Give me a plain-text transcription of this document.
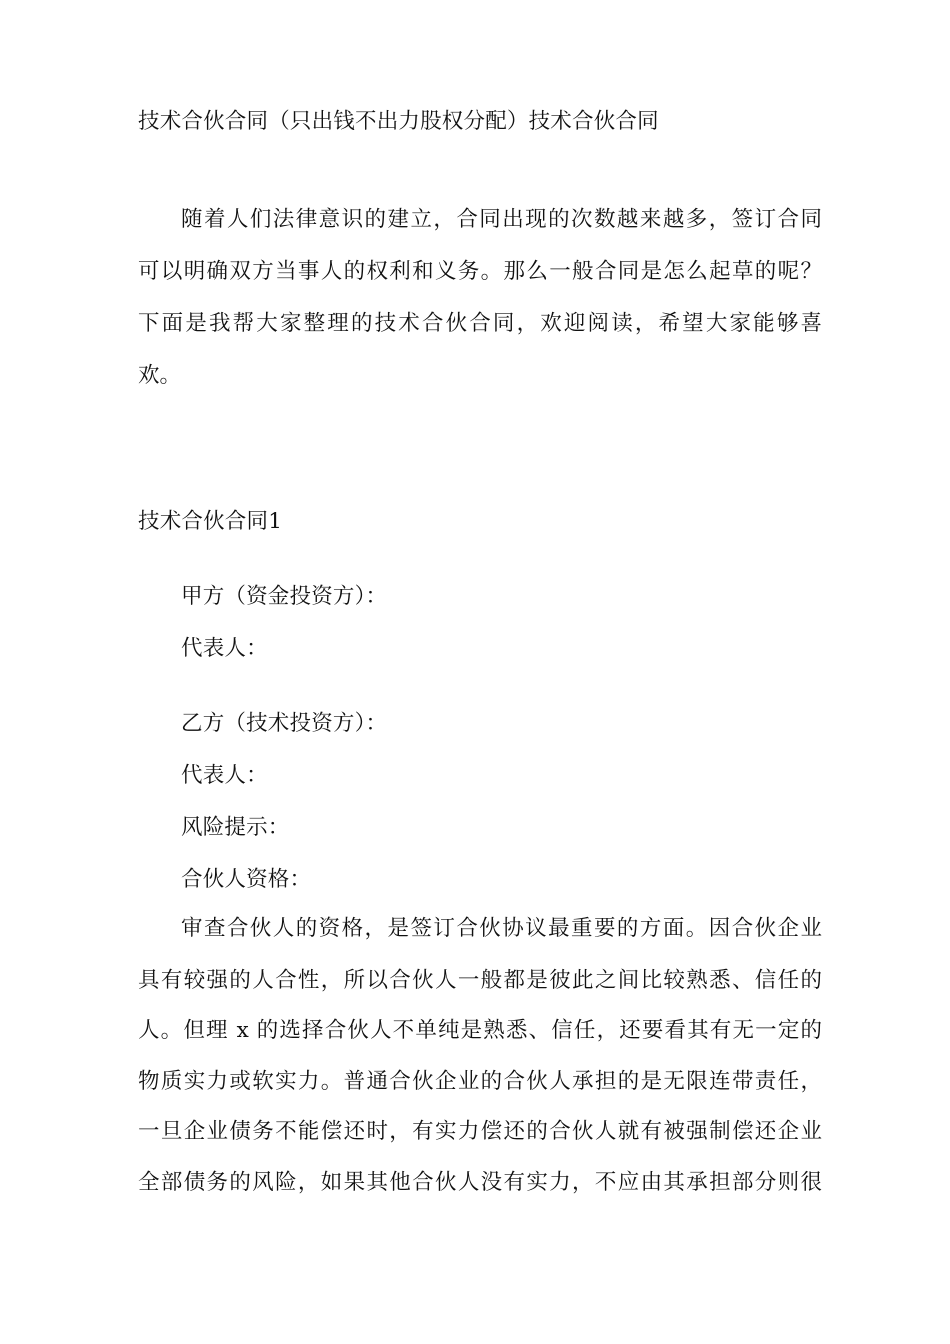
技术合伙合同（只出钱不出力股权分配）技术合伙合同
随着人们法律意识的建立，合同出现的次数越来越多，签订合同
可以明确双方当事人的权利和义务。那么一般合同是怎么起草的呢？
下面是我帮大家整理的技术合伙合同，欢迎阅读，希望大家能够喜
欢。
技术合伙合同1
甲方（资金投资方）：
代表人：
乙方（技术投资方）：
代表人：
风险提示：
合伙人资格：
审查合伙人的资格，是签订合伙协议最重要的方面。因合伙企业
具有较强的人合性，所以合伙人一般都是彼此之间比较熟悉、信任的
人。但理 x 的选择合伙人不单纯是熟悉、信任，还要看其有无一定的
物质实力或软实力。普通合伙企业的合伙人承担的是无限连带责任，
一旦企业债务不能偿还时，有实力偿还的合伙人就有被强制偿还企业
全部债务的风险，如果其他合伙人没有实力，不应由其承担部分则很
